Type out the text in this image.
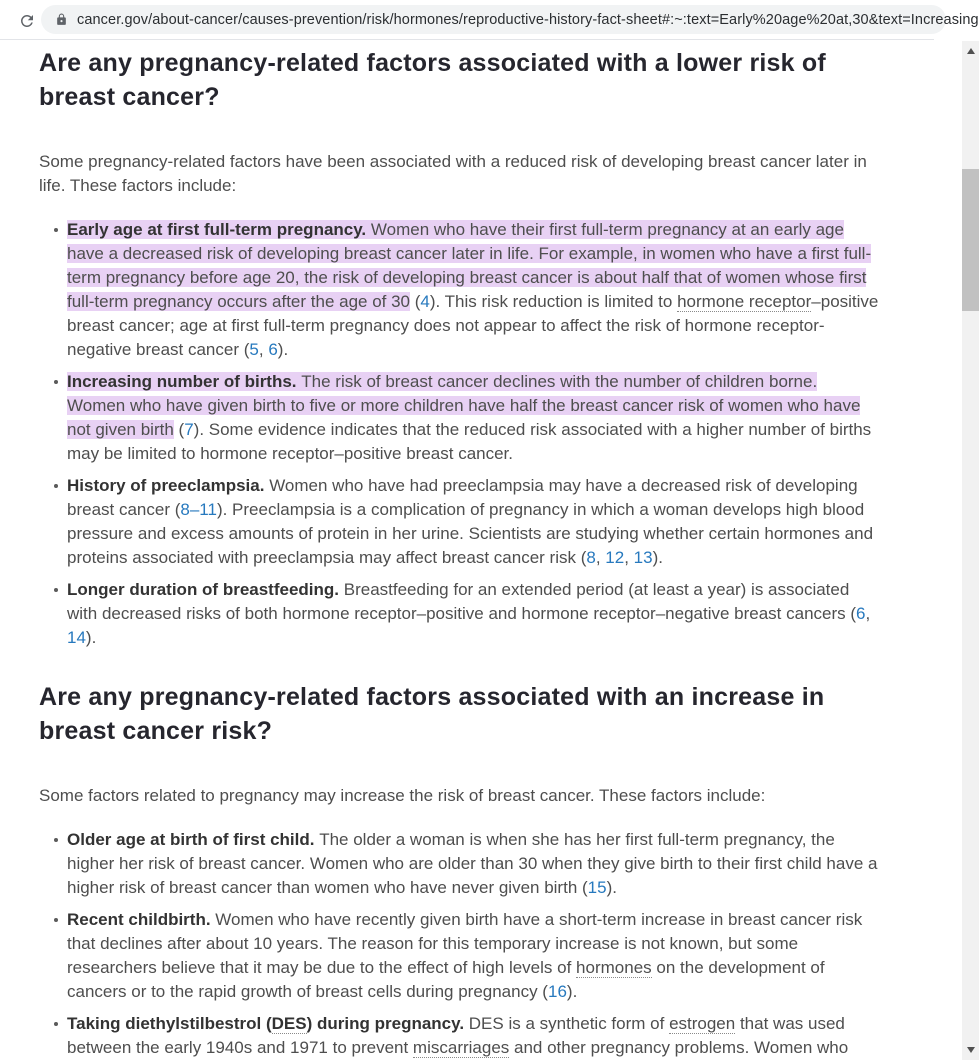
cancer.gov/about-cancer/causes-prevention/risk/hormones/reproductive-history-fact-sheet#:~:text=Early%20age%20at,30&text=Increasing
Are any pregnancy-related factors associated with a lower risk of breast cancer?

Some pregnancy-related factors have been associated with a reduced risk of developing breast cancer later in life. These factors include:

Early age at first full-term pregnancy. Women who have their first full-term pregnancy at an early age have a decreased risk of developing breast cancer later in life. For example, in women who have a first full-term pregnancy before age 20, the risk of developing breast cancer is about half that of women whose first full-term pregnancy occurs after the age of 30 (4). This risk reduction is limited to hormone receptor–positive breast cancer; age at first full-term pregnancy does not appear to affect the risk of hormone receptor-negative breast cancer (5, 6).
Increasing number of births. The risk of breast cancer declines with the number of children borne. Women who have given birth to five or more children have half the breast cancer risk of women who have not given birth (7). Some evidence indicates that the reduced risk associated with a higher number of births may be limited to hormone receptor–positive breast cancer.
History of preeclampsia. Women who have had preeclampsia may have a decreased risk of developing breast cancer (8–11). Preeclampsia is a complication of pregnancy in which a woman develops high blood pressure and excess amounts of protein in her urine. Scientists are studying whether certain hormones and proteins associated with preeclampsia may affect breast cancer risk (8, 12, 13).
Longer duration of breastfeeding. Breastfeeding for an extended period (at least a year) is associated with decreased risks of both hormone receptor–positive and hormone receptor–negative breast cancers (6, 14).
Are any pregnancy-related factors associated with an increase in breast cancer risk?

Some factors related to pregnancy may increase the risk of breast cancer. These factors include:

Older age at birth of first child. The older a woman is when she has her first full-term pregnancy, the higher her risk of breast cancer. Women who are older than 30 when they give birth to their first child have a higher risk of breast cancer than women who have never given birth (15).
Recent childbirth. Women who have recently given birth have a short-term increase in breast cancer risk that declines after about 10 years. The reason for this temporary increase is not known, but some researchers believe that it may be due to the effect of high levels of hormones on the development of cancers or to the rapid growth of breast cells during pregnancy (16).
Taking diethylstilbestrol (DES) during pregnancy. DES is a synthetic form of estrogen that was used between the early 1940s and 1971 to prevent miscarriages and other pregnancy problems. Women who
